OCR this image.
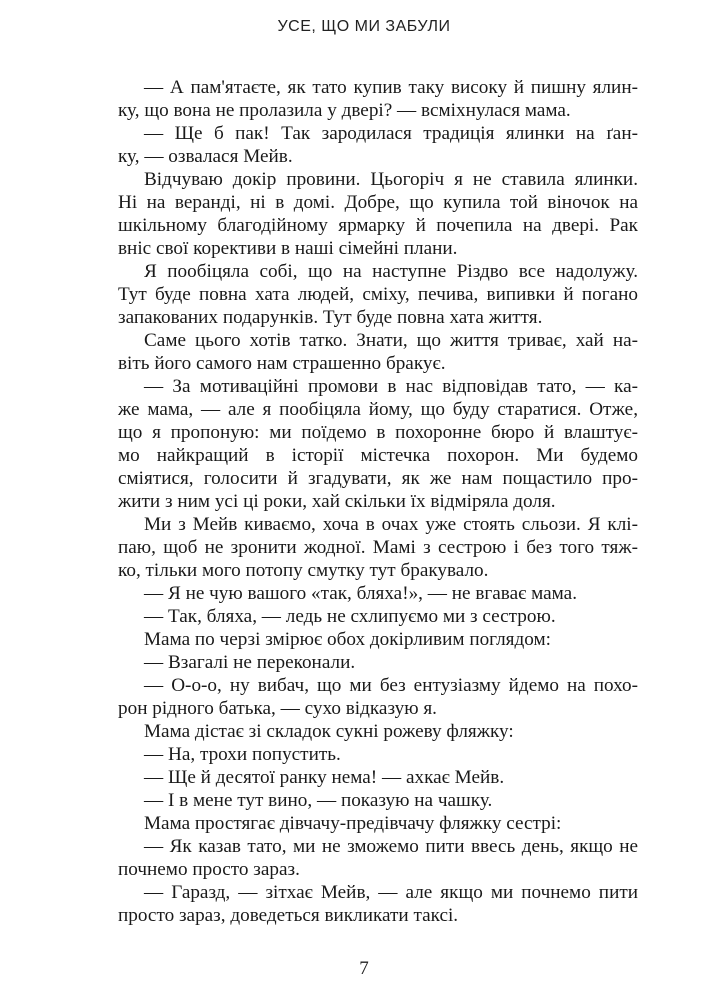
УСЕ, ЩО МИ ЗАБУЛИ

— А пам'ятаєте, як тато купив таку високу й пишну ялин-
ку, що вона не пролазила у двері? — всміхнулася мама.

— Ще б пак! Так зародилася традиція ялинки на ґан-
ку, — озвалася Мейв.

Відчуваю докір провини. Цьогоріч я не ставила ялинки.
Ні на веранді, ні в домі. Добре, що купила той віночок на
шкільному благодійному ярмарку й почепила на двері. Рак
вніс свої корективи в наші сімейні плани.

Я пообіцяла собі, що на наступне Різдво все надолужу.
Тут буде повна хата людей, сміху, печива, випивки й погано
запакованих подарунків. Тут буде повна хата життя.

Саме цього хотів татко. Знати, що життя триває, хай на-
віть його самого нам страшенно бракує.

— За мотиваційні промови в нас відповідав тато, — ка-
же мама, — але я пообіцяла йому, що буду старатися. Отже,
що я пропоную: ми поїдемо в похоронне бюро й влаштує-
мо найкращий в історії містечка похорон. Ми будемо
сміятися, голосити й згадувати, як же нам пощастило про-
жити з ним усі ці роки, хай скільки їх відміряла доля.

Ми з Мейв киваємо, хоча в очах уже стоять сльози. Я клі-
паю, щоб не зронити жодної. Мамі з сестрою і без того тяж-
ко, тільки мого потопу смутку тут бракувало.

— Я не чую вашого «так, бляха!», — не вгаває мама.

— Так, бляха, — ледь не схлипуємо ми з сестрою.

Мама по черзі змірює обох докірливим поглядом:

— Взагалі не переконали.

— О-о-о, ну вибач, що ми без ентузіазму йдемо на похо-
рон рідного батька, — сухо відказую я.

Мама дістає зі складок сукні рожеву фляжку:

— На, трохи попустить.

— Ще й десятої ранку нема! — ахкає Мейв.

— І в мене тут вино, — показую на чашку.

Мама простягає дівчачу-предівчачу фляжку сестрі:

— Як казав тато, ми не зможемо пити ввесь день, якщо не
почнемо просто зараз.

— Гаразд, — зітхає Мейв, — але якщо ми почнемо пити
просто зараз, доведеться викликати таксі.

7
